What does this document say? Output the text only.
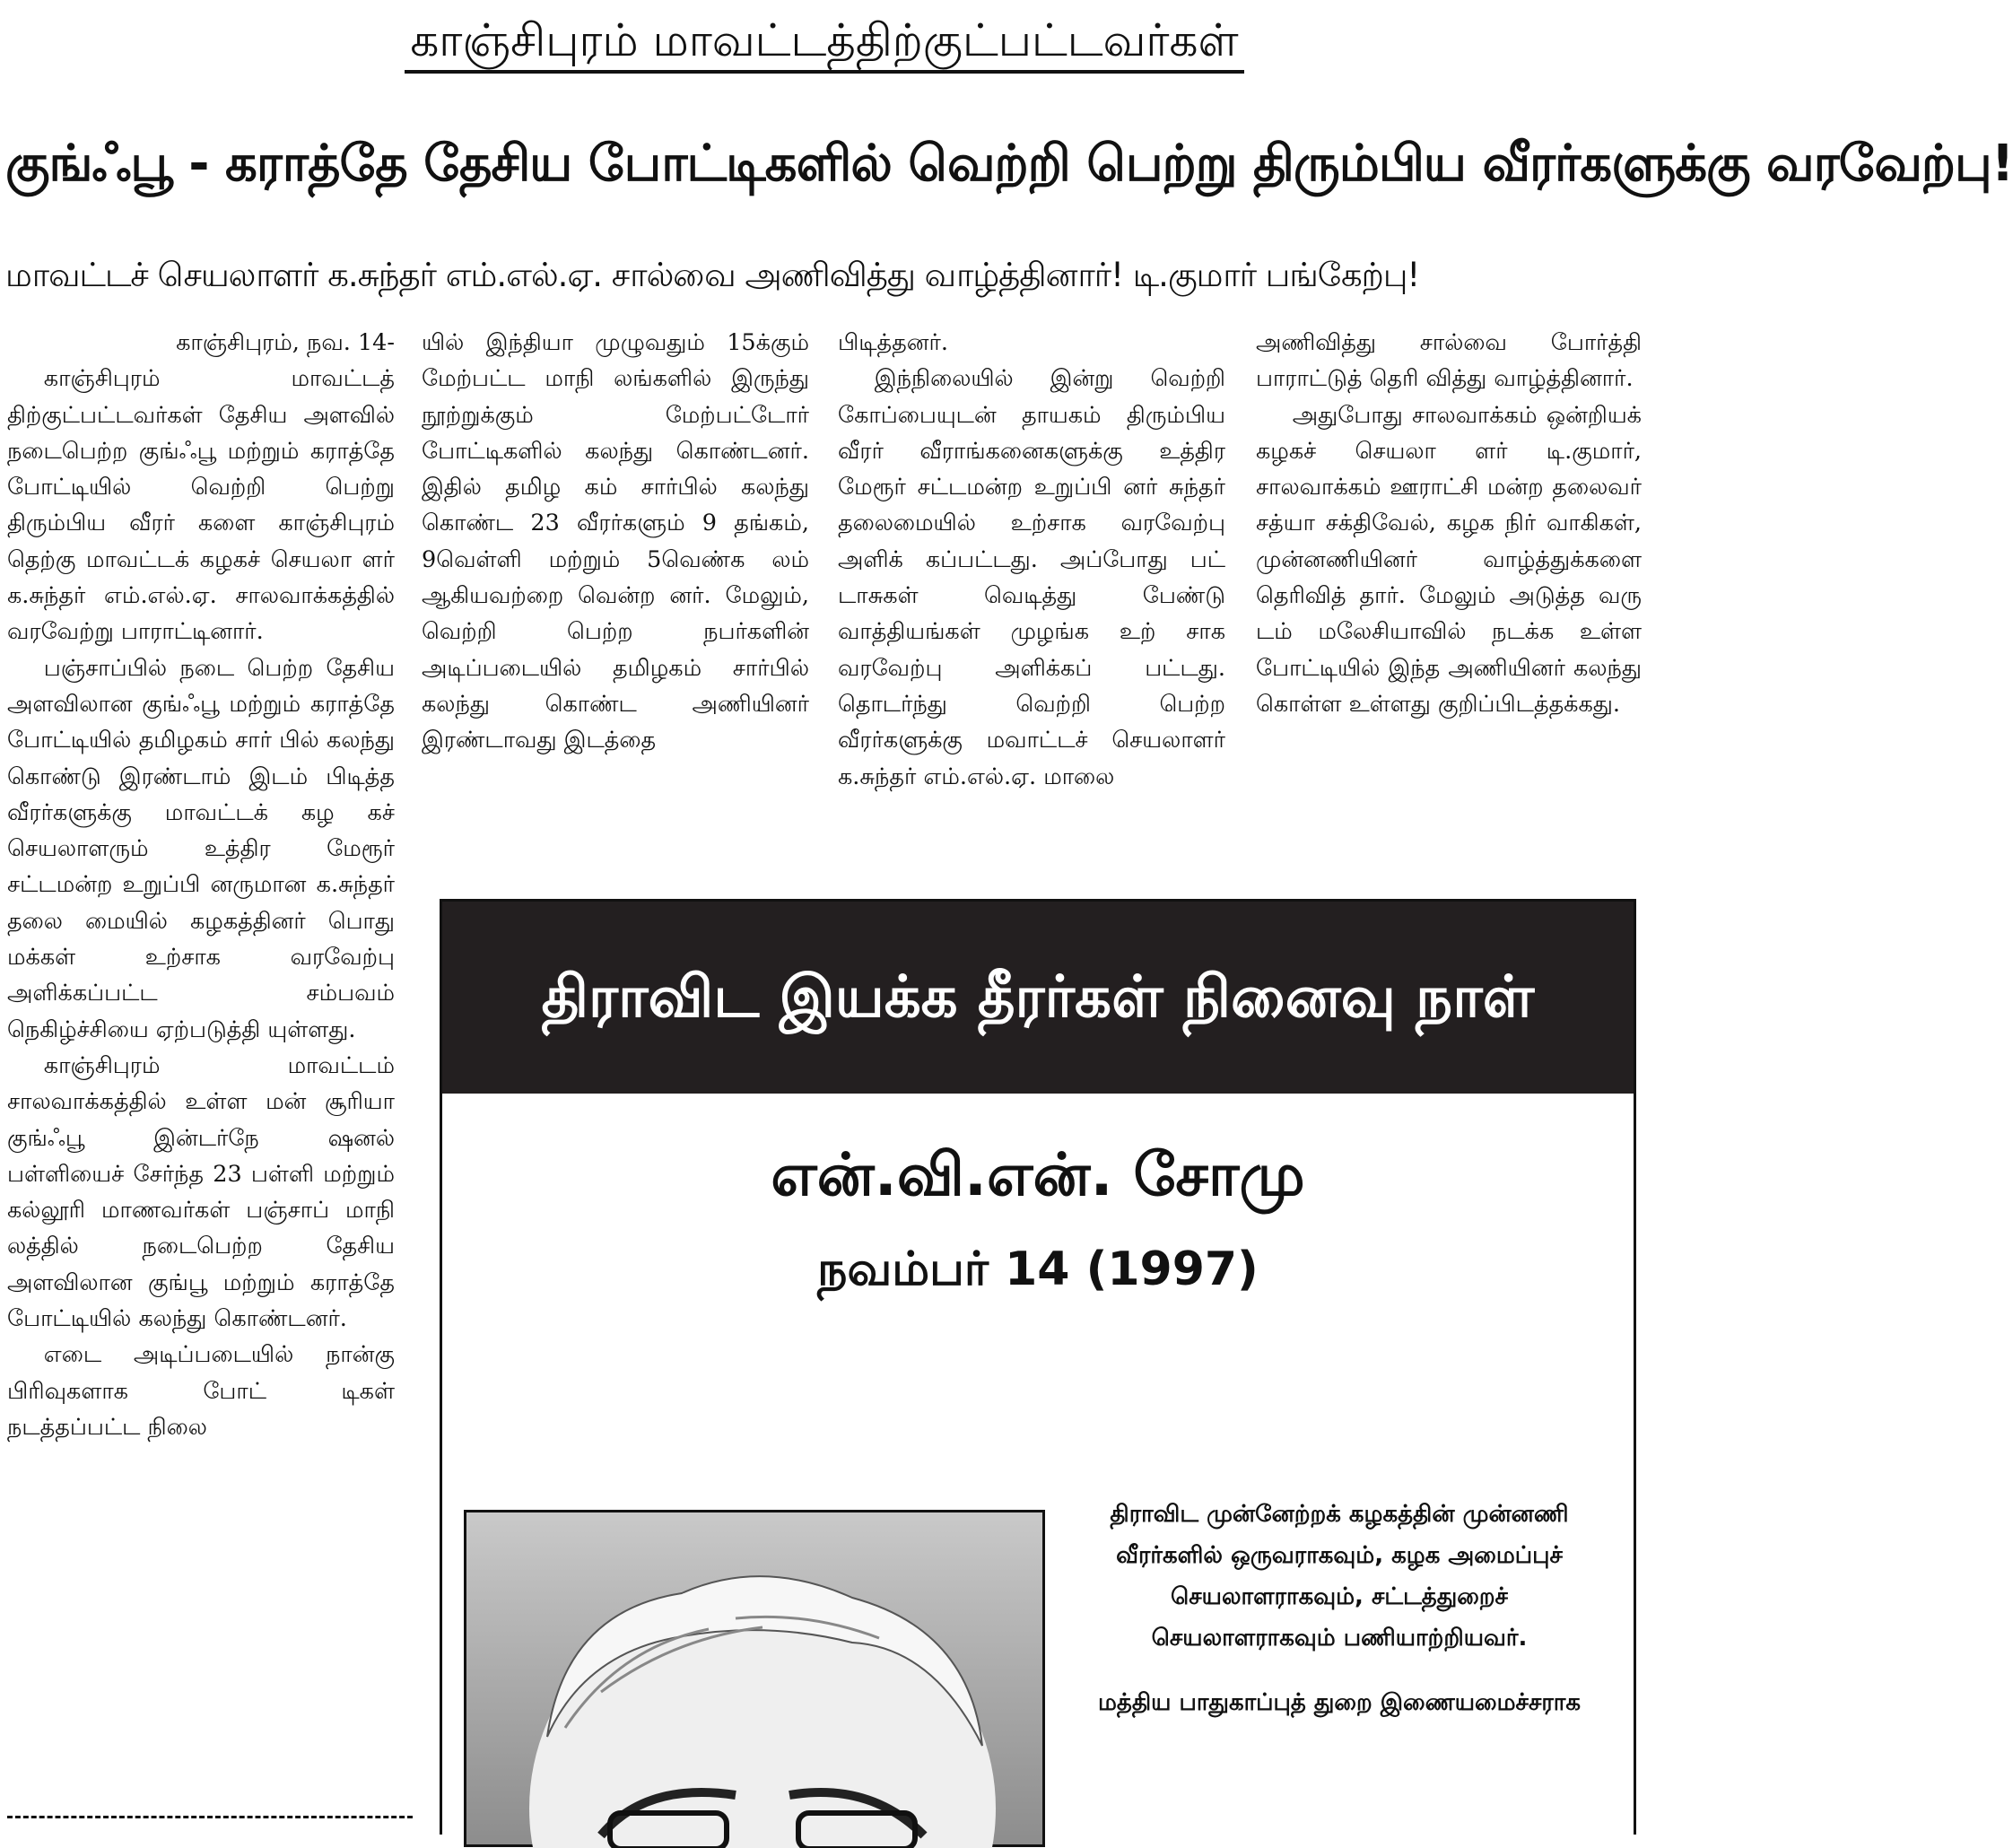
காஞ்சிபுரம் மாவட்டத்திற்குட்பட்டவர்கள்
குங்ஃபூ - கராத்தே தேசிய போட்டிகளில் வெற்றி பெற்று திரும்பிய வீரர்களுக்கு வரவேற்பு!
மாவட்டச் செயலாளர் க.சுந்தர் எம்.எல்.ஏ. சால்வை அணிவித்து வாழ்த்தினார்! டி.குமார் பங்கேற்பு!

காஞ்சிபுரம், நவ. 14-

காஞ்சிபுரம் மாவட்டத் திற்குட்பட்டவர்கள் தேசிய அளவில் நடைபெற்ற குங்ஃபூ மற்றும் கராத்தே போட்டியில் வெற்றி பெற்று திரும்பிய வீரர் களை காஞ்சிபுரம் தெற்கு மாவட்டக் கழகச் செயலா ளர் க.சுந்தர் எம்.எல்.ஏ. சாலவாக்கத்தில் வரவேற்று பாராட்டினார்.

பஞ்சாப்பில் நடை பெற்ற தேசிய அளவிலான குங்ஃபூ மற்றும் கராத்தே போட்டியில் தமிழகம் சார் பில் கலந்து கொண்டு இரண்டாம் இடம் பிடித்த வீரர்களுக்கு மாவட்டக் கழ கச் செயலாளரும் உத்திர மேரூர் சட்டமன்ற உறுப்பி னருமான க.சுந்தர் தலை மையில் கழகத்தினர் பொது மக்கள் உற்சாக வரவேற்பு அளிக்கப்பட்ட சம்பவம் நெகிழ்ச்சியை ஏற்படுத்தி யுள்ளது.

காஞ்சிபுரம் மாவட்டம் சாலவாக்கத்தில் உள்ள மன் சூரியா குங்ஃபூ இன்டர்நே ஷனல் பள்ளியைச் சேர்ந்த 23 பள்ளி மற்றும் கல்லூரி மாணவர்கள் பஞ்சாப் மாநி லத்தில் நடைபெற்ற தேசிய அளவிலான குங்பூ மற்றும் கராத்தே போட்டியில் கலந்து கொண்டனர்.

எடை அடிப்படையில் நான்கு பிரிவுகளாக போட் டிகள் நடத்தப்பட்ட நிலை

யில் இந்தியா முழுவதும் 15க்கும் மேற்பட்ட மாநி லங்களில் இருந்து நூற்றுக்கும் மேற்பட்டோர் போட்டிகளில் கலந்து கொண்டனர். இதில் தமிழ கம் சார்பில் கலந்து கொண்ட 23 வீரர்களும் 9 தங்கம், 9வெள்ளி மற்றும் 5வெண்க லம் ஆகியவற்றை வென்ற னர். மேலும், வெற்றி பெற்ற நபர்களின் அடிப்படையில் தமிழகம் சார்பில் கலந்து கொண்ட அணியினர் இரண்டாவது இடத்தை

பிடித்தனர்.

இந்நிலையில் இன்று வெற்றி கோப்பையுடன் தாயகம் திரும்பிய வீரர் வீராங்கனைகளுக்கு உத்திர மேரூர் சட்டமன்ற உறுப்பி னர் சுந்தர் தலைமையில் உற்சாக வரவேற்பு அளிக் கப்பட்டது. அப்போது பட் டாசுகள் வெடித்து பேண்டு வாத்தியங்கள் முழங்க உற் சாக வரவேற்பு அளிக்கப் பட்டது. தொடர்ந்து வெற்றி பெற்ற வீரர்களுக்கு மவாட்டச் செயலாளர் க.சுந்தர் எம்.எல்.ஏ. மாலை

அணிவித்து சால்வை போர்த்தி பாராட்டுத் தெரி வித்து வாழ்த்தினார்.

அதுபோது சாலவாக்கம் ஒன்றியக் கழகச் செயலா ளர் டி.குமார், சாலவாக்கம் ஊராட்சி மன்ற தலைவர் சத்யா சக்திவேல், கழக நிர் வாகிகள், முன்னணியினர் வாழ்த்துக்களை தெரிவித் தார். மேலும் அடுத்த வரு டம் மலேசியாவில் நடக்க உள்ள போட்டியில் இந்த அணியினர் கலந்து கொள்ள உள்ளது குறிப்பிடத்தக்கது.

திராவிட இயக்க தீரர்கள் நினைவு நாள்
என்.வி.என். சோமு
நவம்பர் 14 (1997)

திராவிட முன்னேற்றக் கழகத்தின் முன்னணி வீரர்களில் ஒருவராகவும், கழக அமைப்புச் செயலாளராகவும், சட்டத்துறைச் செயலாளராகவும் பணியாற்றியவர்.

மத்திய பாதுகாப்புத் துறை இணையமைச்சராக
